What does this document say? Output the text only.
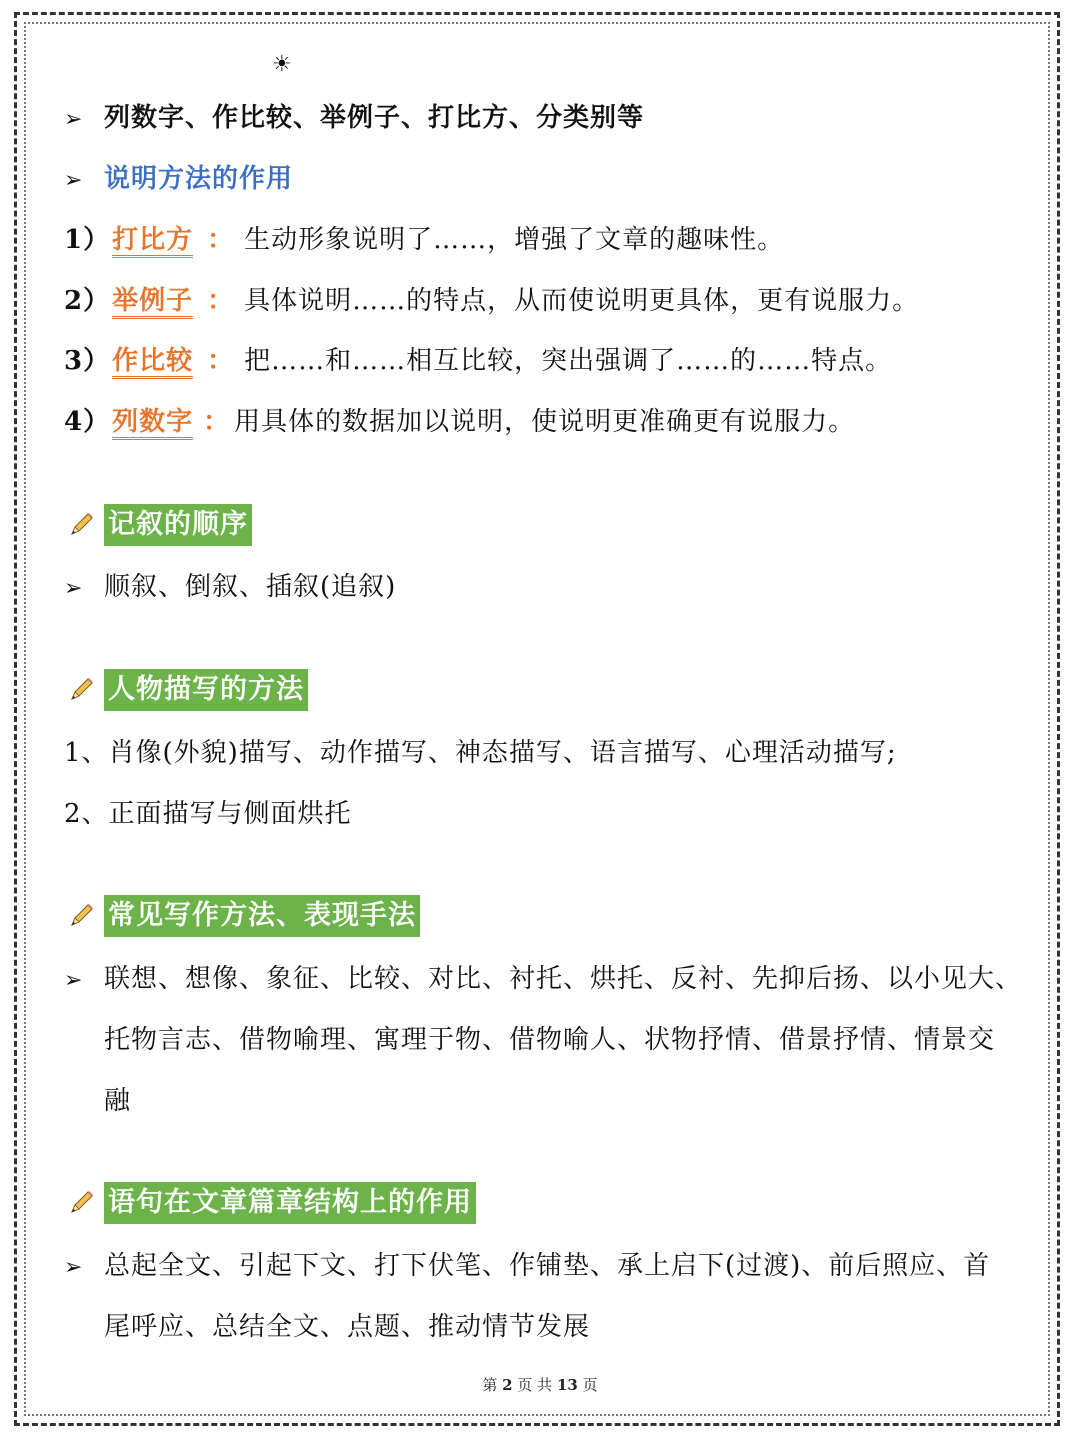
☀
➢ 列数字、作比较、举例子、打比方、分类别等
➢ 说明方法的作用
1）打比方 ： 生动形象说明了……，增强了文章的趣味性。
2）举例子 ： 具体说明……的特点，从而使说明更具体，更有说服力。
3）作比较 ： 把……和……相互比较，突出强调了……的……特点。
4）列数字 ： 用具体的数据加以说明，使说明更准确更有说服力。
记叙的顺序
➢ 顺叙、倒叙、插叙(追叙)
人物描写的方法
1、肖像(外貌)描写、动作描写、神态描写、语言描写、心理活动描写;
2、正面描写与侧面烘托
常见写作方法、表现手法
➢ 联想、想像、象征、比较、对比、衬托、烘托、反衬、先抑后扬、以小见大、
托物言志、借物喻理、寓理于物、借物喻人、状物抒情、借景抒情、情景交
融
语句在文章篇章结构上的作用
➢ 总起全文、引起下文、打下伏笔、作铺垫、承上启下(过渡)、前后照应、首
尾呼应、总结全文、点题、推动情节发展
第 2 页 共 13 页
